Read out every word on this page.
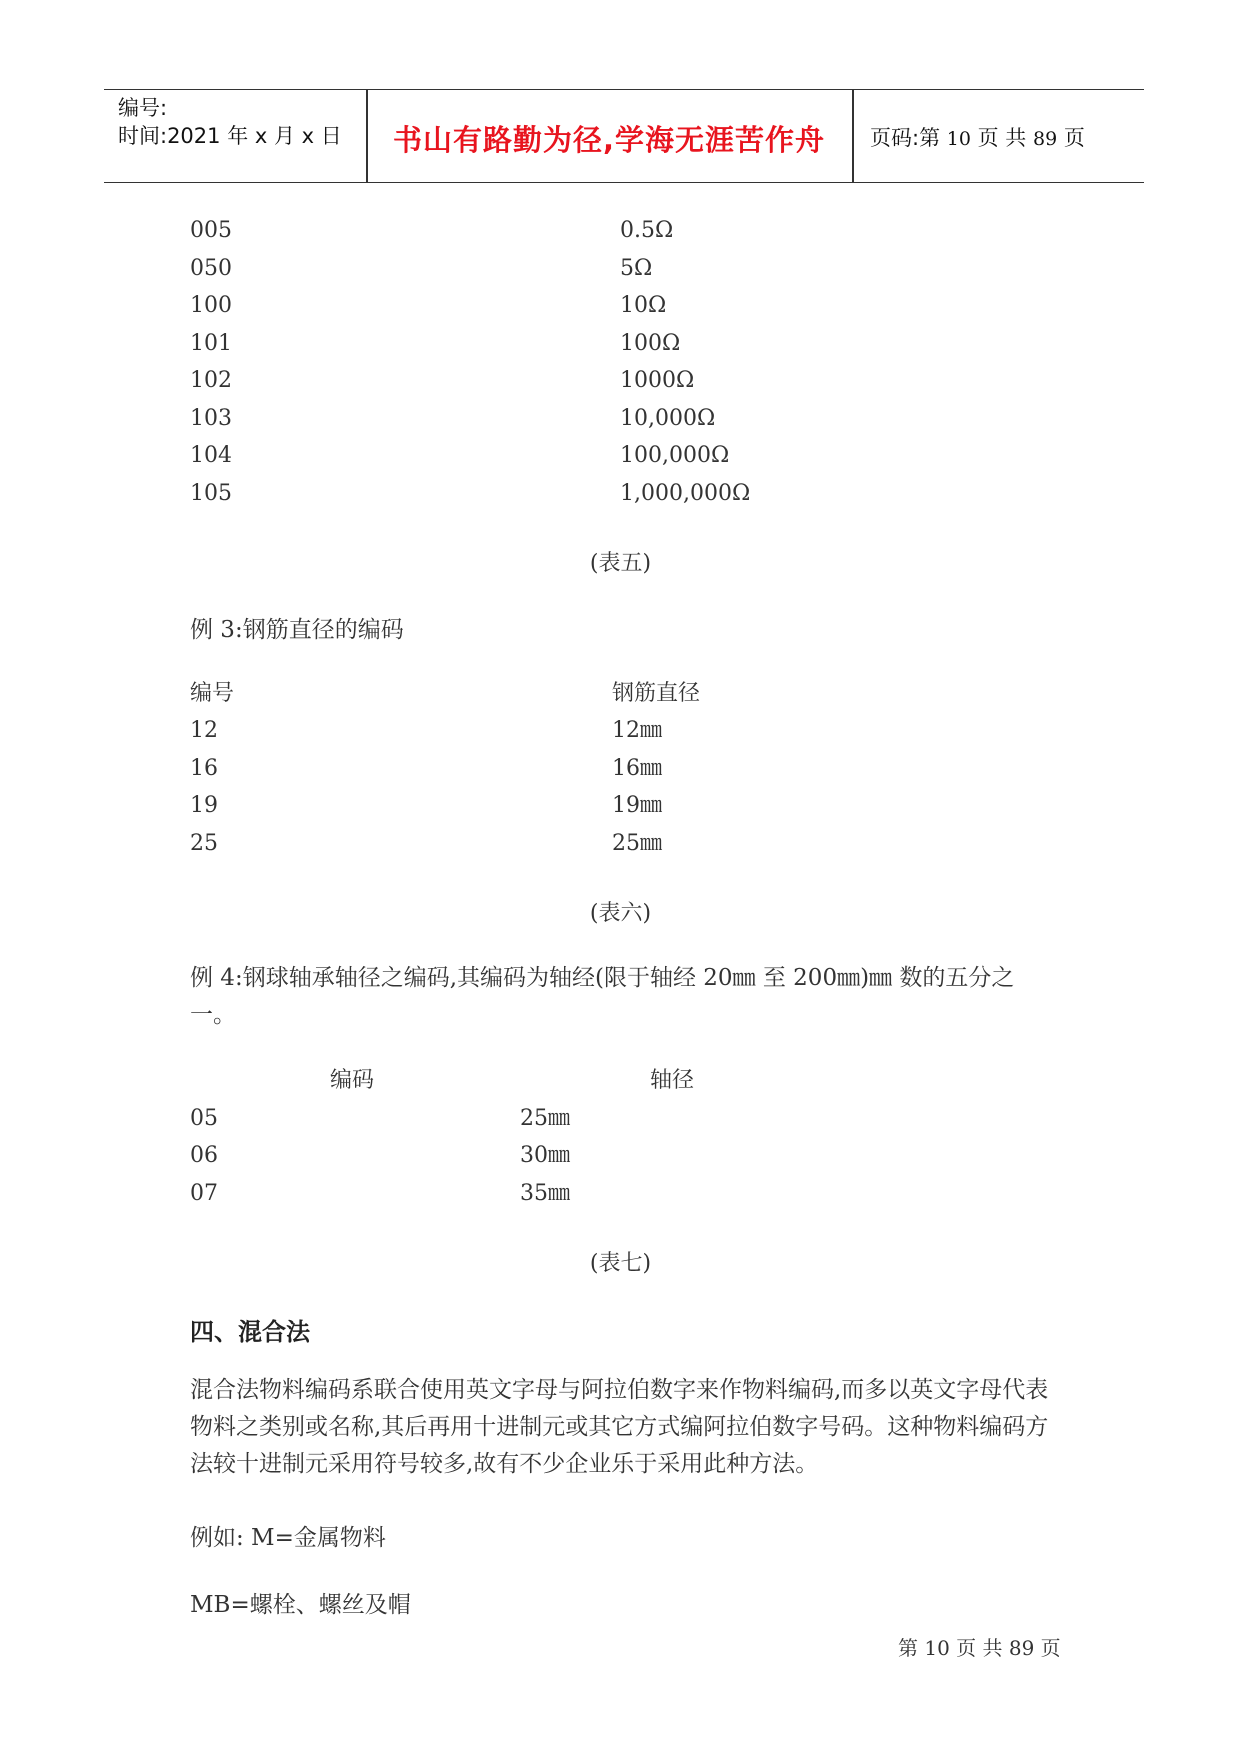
编号:
时间:2021 年 x 月 x 日	书山有路勤为径,学海无涯苦作舟	页码:第 10 页 共 89 页
005	0.5Ω
050	5Ω
100	10Ω
101	100Ω
102	1000Ω
103	10,000Ω
104	100,000Ω
105	1,000,000Ω
(表五)
例 3:钢筋直径的编码
编号	钢筋直径
12	12㎜
16	16㎜
19	19㎜
25	25㎜
(表六)
例 4:钢球轴承轴径之编码,其编码为轴经(限于轴经 20㎜ 至 200㎜)㎜ 数的五分之一。
编码	轴径
05	25㎜
06	30㎜
07	35㎜
(表七)
四、混合法
混合法物料编码系联合使用英文字母与阿拉伯数字来作物料编码,而多以英文字母代表物料之类别或名称,其后再用十进制元或其它方式编阿拉伯数字号码。这种物料编码方法较十进制元采用符号较多,故有不少企业乐于采用此种方法。
例如: M=金属物料
MB=螺栓、螺丝及帽
第 10 页 共 89 页
